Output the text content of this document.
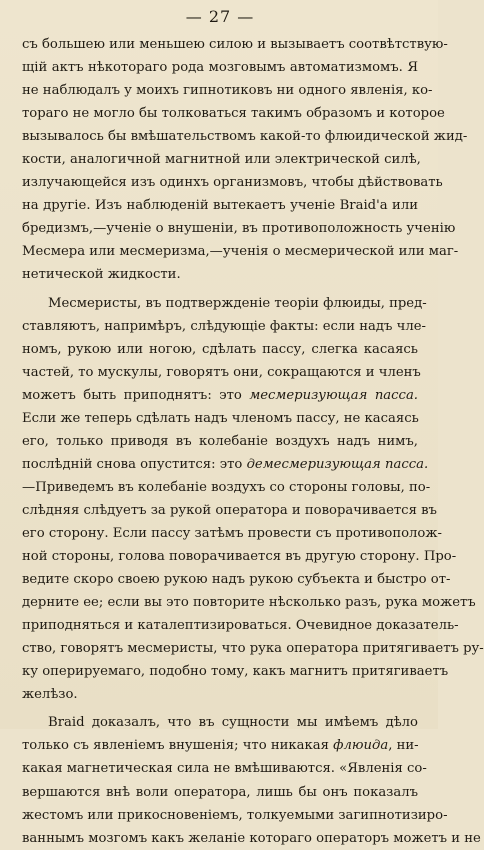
— 27 —
съ большею или меньшею силою и вызываетъ соотвѣтствую-
щій актъ нѣкотораго рода мозговымъ автоматизмомъ. Я
не наблюдалъ у моихъ гипнотиковъ ни одного явленія, ко-
тораго не могло бы толковаться такимъ образомъ и которое
вызывалось бы вмѣшательствомъ какой-то флюидической жид-
кости, аналогичной магнитной или электрической силѣ,
излучающейся изъ одинхъ организмовъ, чтобы дѣйствовать
на другіе. Изъ наблюденій вытекаетъ ученіе Braid'a или
бредизмъ,—ученіе о внушеніи, въ противоположность ученію
Месмера или месмеризма,—ученія о месмерической или маг-
нетической жидкости.
Месмеристы, въ подтвержденіе теоріи флюиды, пред-
ставляютъ, напримѣръ, слѣдующіе факты: если надъ чле-
номъ, рукою или ногою, сдѣлать пассу, слегка касаясь
частей, то мускулы, говорятъ они, сокращаются и членъ
можетъ быть приподнятъ: это месмеризующая пасса.
Если же теперь сдѣлать надъ членомъ пассу, не касаясь
его, только приводя въ колебаніе воздухъ надъ нимъ,
послѣдній снова опустится: это демесмеризующая пасса.
—Приведемъ въ колебаніе воздухъ со стороны головы, по-
слѣдняя слѣдуетъ за рукой оператора и поворачивается въ
его сторону. Если пассу затѣмъ провести съ противополож-
ной стороны, голова поворачивается въ другую сторону. Про-
ведите скоро своею рукою надъ рукою субъекта и быстро от-
дерните ее; если вы это повторите нѣсколько разъ, рука можетъ
приподняться и каталептизироваться. Очевидное доказатель-
ство, говорятъ месмеристы, что рука оператора притягиваетъ ру-
ку оперируемаго, подобно тому, какъ магнитъ притягиваетъ
желѣзо.
Braid доказалъ, что въ сущности мы имѣемъ дѣло
только съ явленіемъ внушенія; что никакая флюида, ни-
какая магнетическая сила не вмѣшиваются. «Явленія со-
вершаются внѣ воли оператора, лишь бы онъ показалъ
жестомъ или прикосновеніемъ, толкуемыми загипнотизиро-
ваннымъ мозгомъ какъ желаніе котораго операторъ можетъ и не
